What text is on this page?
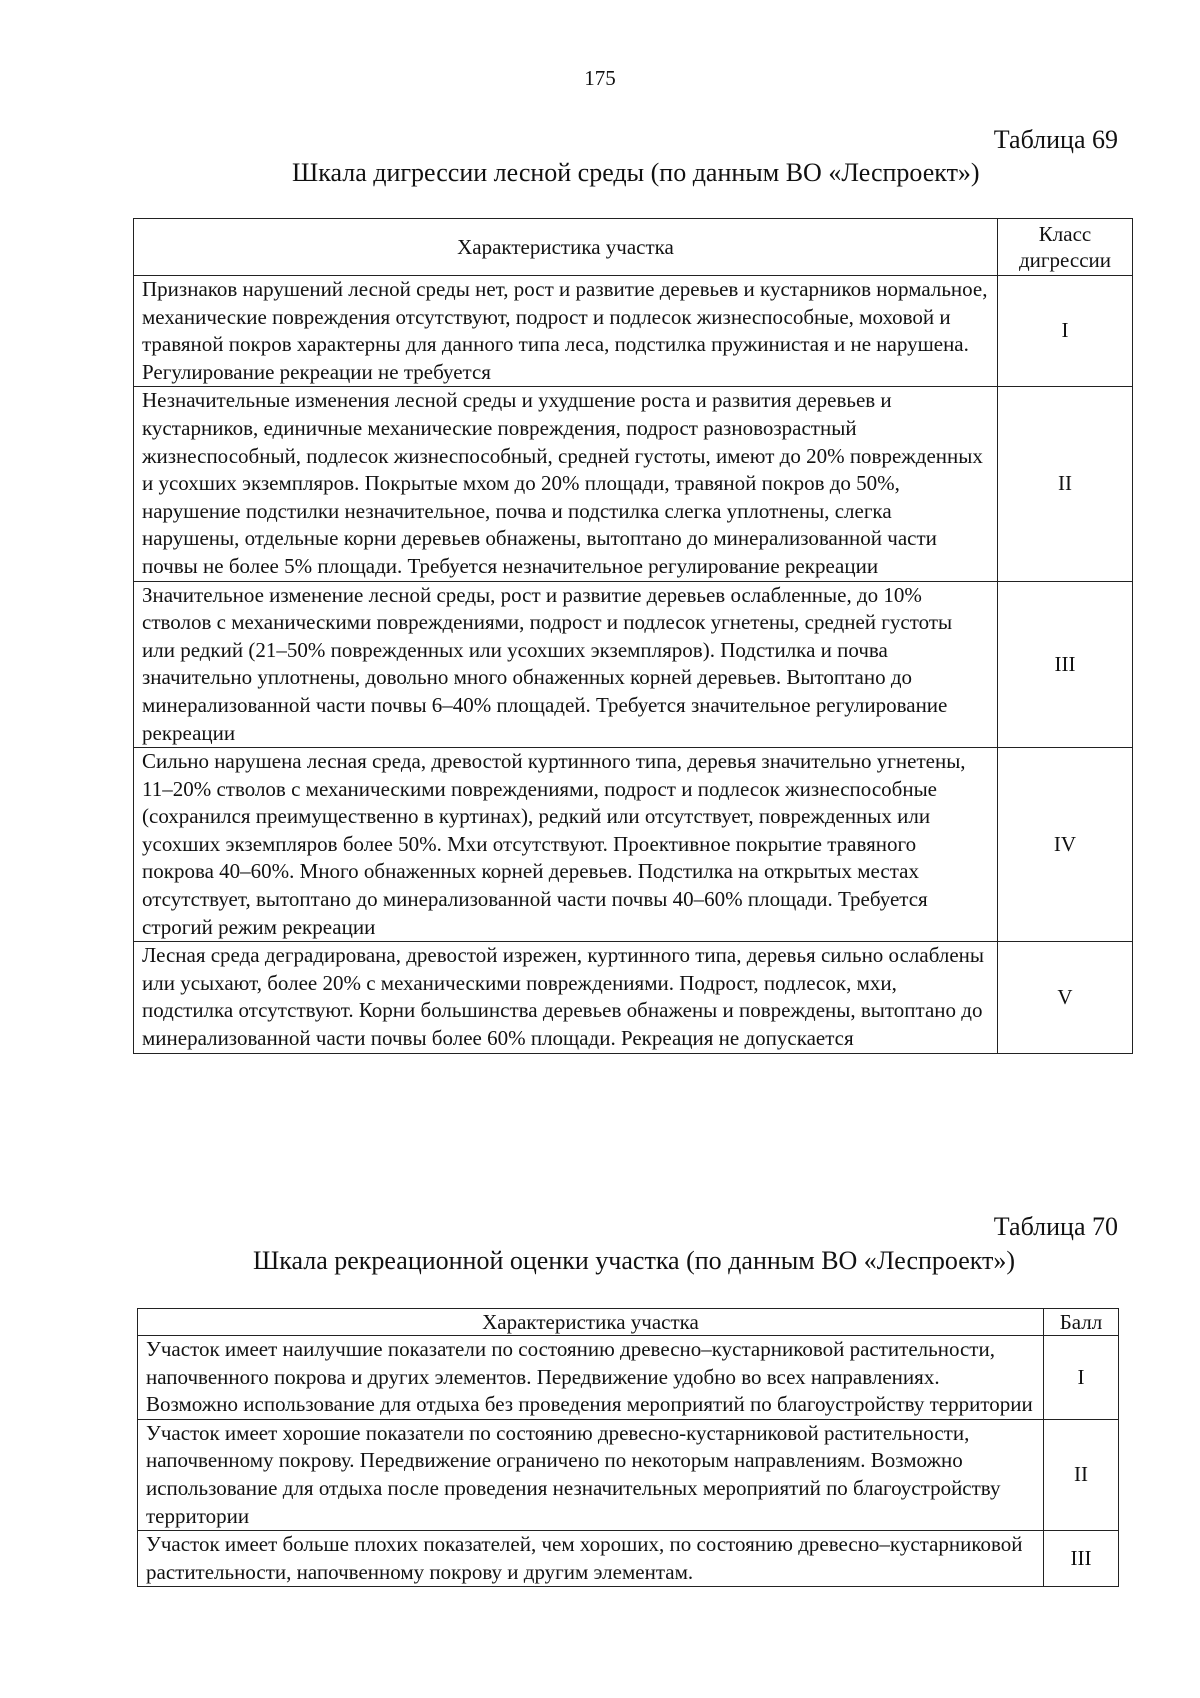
175
Таблица 69
Шкала дигрессии лесной среды (по данным ВО «Леспроект»)
Характеристика участка	Класс
дигрессии
Признаков нарушений лесной среды нет, рост и развитие деревьев и кустарников нормальное, механические повреждения отсутствуют, подрост и подлесок жизнеспособные, моховой и травяной покров характерны для данного типа леса, подстилка пружинистая и не нарушена. Регулирование рекреации не требуется	I
Незначительные изменения лесной среды и ухудшение роста и развития деревьев и кустарников, единичные механические повреждения, подрост разновозрастный жизнеспособный, подлесок жизнеспособный, средней густоты, имеют до 20% поврежденных и усохших экземпляров. Покрытые мхом до 20% площади, травяной покров до 50%, нарушение подстилки незначительное, почва и подстилка слегка уплотнены, слегка нарушены, отдельные корни деревьев обнажены, вытоптано до минерализованной части почвы не более 5% площади. Требуется незначительное регулирование рекреации	II
Значительное изменение лесной среды, рост и развитие деревьев ослабленные, до 10% стволов с механическими повреждениями, подрост и подлесок угнетены, средней густоты или редкий (21–50% поврежденных или усохших экземпляров). Подстилка и почва значительно уплотнены, довольно много обнаженных корней деревьев. Вытоптано до минерализованной части почвы 6–40% площадей. Требуется значительное регулирование рекреации	III
Сильно нарушена лесная среда, древостой куртинного типа, деревья значительно угнетены, 11–20% стволов с механическими повреждениями, подрост и подлесок жизнеспособные (сохранился преимущественно в куртинах), редкий или отсутствует, поврежденных или усохших экземпляров более 50%. Мхи отсутствуют. Проективное покрытие травяного покрова 40–60%. Много обнаженных корней деревьев. Подстилка на открытых местах отсутствует, вытоптано до минерализованной части почвы 40–60% площади. Требуется строгий режим рекреации	IV
Лесная среда деградирована, древостой изрежен, куртинного типа, деревья сильно ослаблены или усыхают, более 20% с механическими повреждениями. Подрост, подлесок, мхи, подстилка отсутствуют. Корни большинства деревьев обнажены и повреждены, вытоптано до минерализованной части почвы более 60% площади. Рекреация не допускается	V
Таблица 70
Шкала рекреационной оценки участка (по данным ВО «Леспроект»)
Характеристика участка	Балл
Участок имеет наилучшие показатели по состоянию древесно–кустарниковой растительности, напочвенного покрова и других элементов. Передвижение удобно во всех направлениях. Возможно использование для отдыха без проведения мероприятий по благоустройству территории	I
Участок имеет хорошие показатели по состоянию древесно-кустарниковой растительности, напочвенному покрову. Передвижение ограничено по некоторым направлениям. Возможно использование для отдыха после проведения незначительных мероприятий по благоустройству территории	II
Участок имеет больше плохих показателей, чем хороших, по состоянию древесно–кустарниковой растительности, напочвенному покрову и другим элементам.	III
